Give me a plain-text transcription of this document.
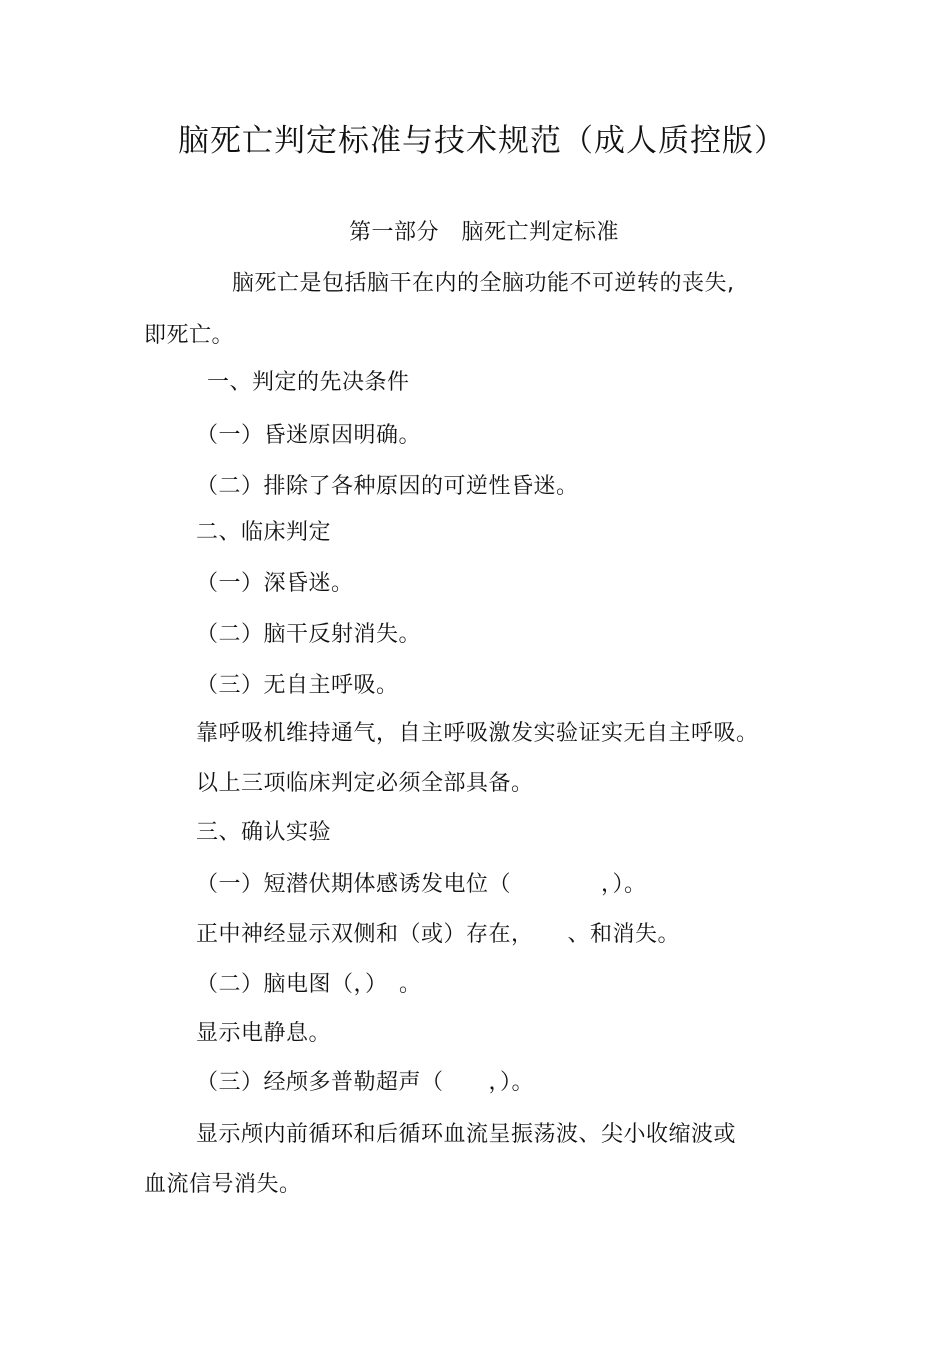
脑死亡判定标准与技术规范（成人质控版）
第一部分　脑死亡判定标准
脑死亡是包括脑干在内的全脑功能不可逆转的丧失,
即死亡。
一、判定的先决条件
（一）昏迷原因明确。
（二）排除了各种原因的可逆性昏迷。
二、临床判定
（一）深昏迷。
（二）脑干反射消失。
（三）无自主呼吸。
靠呼吸机维持通气，自主呼吸激发实验证实无自主呼吸。
以上三项临床判定必须全部具备。
三、确认实验
（一）短潜伏期体感诱发电位（　　　　，）。
正中神经显示双侧和（或）存在，　　、和消失。
（二）脑电图（，）　。
显示电静息。
（三）经颅多普勒超声（　　，）。
显示颅内前循环和后循环血流呈振荡波、尖小收缩波或
血流信号消失。
